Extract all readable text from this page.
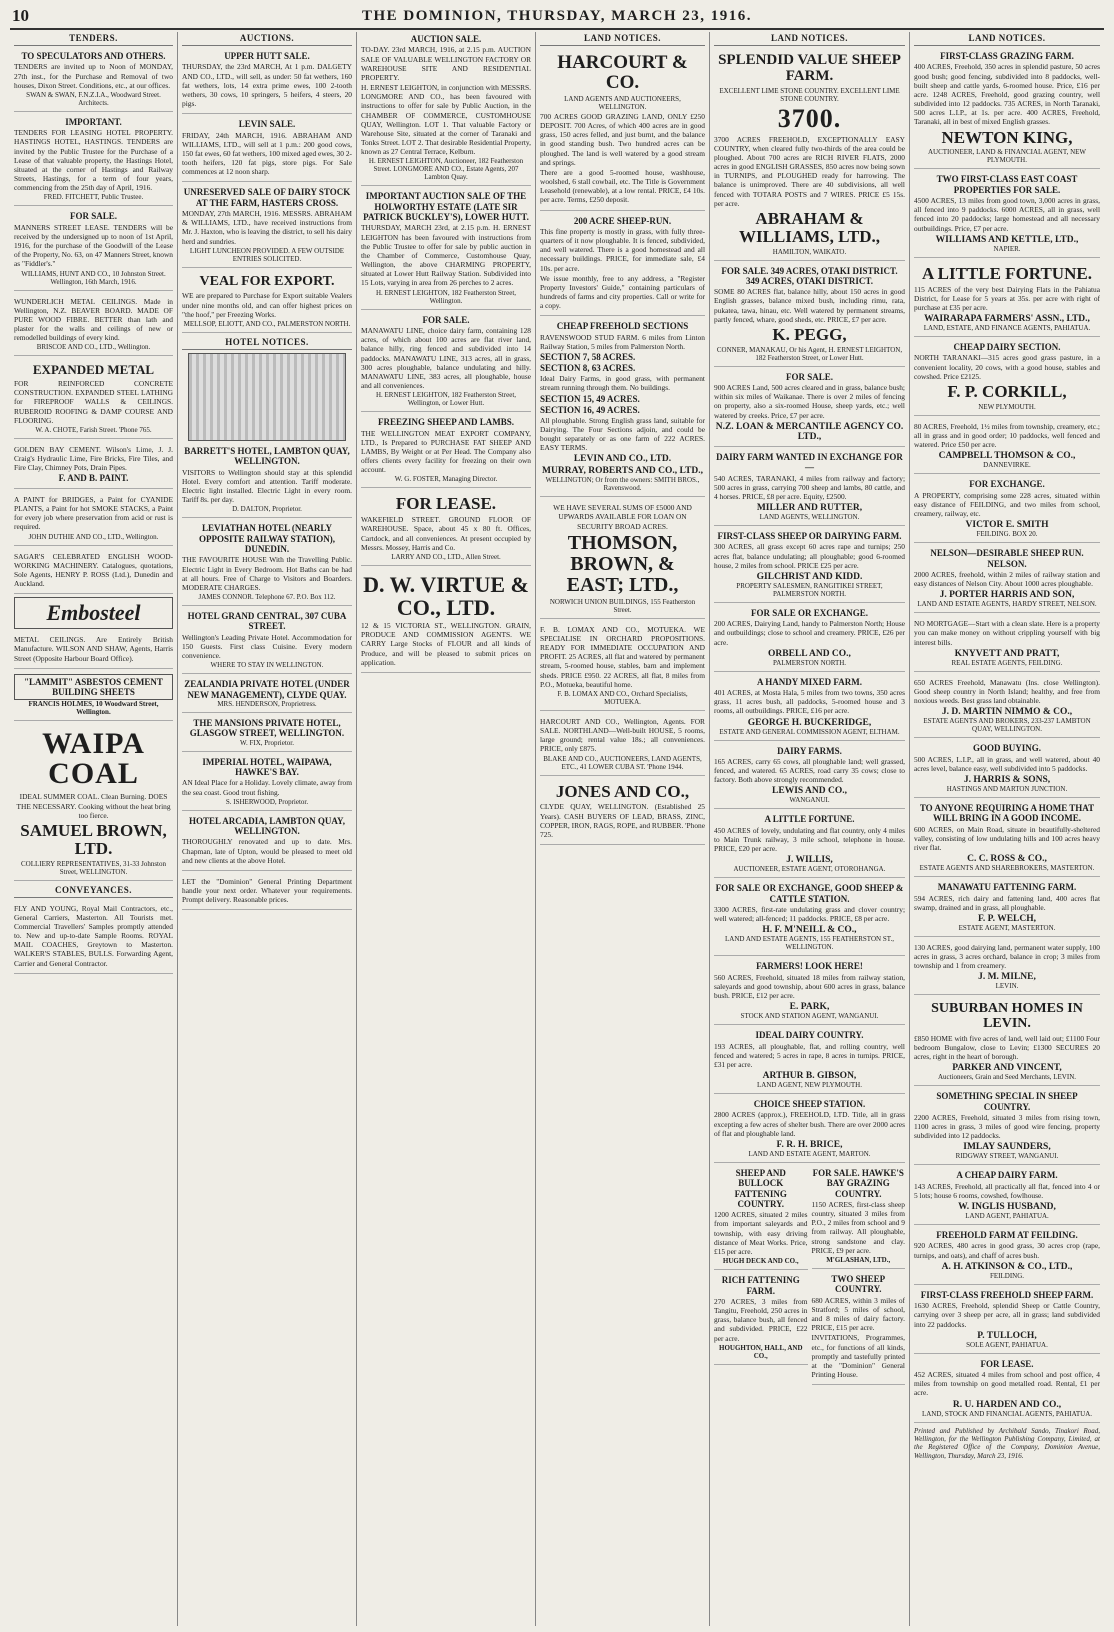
10	THE DOMINION, THURSDAY, MARCH 23, 1916.
TENDERS.
TO SPECULATORS AND OTHERS.

TENDERS are invited up to Noon of MONDAY, 27th inst., for the Purchase and Removal of two houses, Dixon Street. Conditions, etc., at our offices.

SWAN & SWAN, F.N.Z.I.A., Woodward Street. Architects.
IMPORTANT.

TENDERS FOR LEASING HOTEL PROPERTY. HASTINGS HOTEL, HASTINGS. TENDERS are invited by the Public Trustee for the Purchase of a Lease of that valuable property, the Hastings Hotel, situated at the corner of Hastings and Railway Streets, Hastings, for a term of four years, commencing from the 25th day of April, 1916.

FRED. FITCHETT, Public Trustee.
FOR SALE.

MANNERS STREET LEASE. TENDERS will be received by the undersigned up to noon of 1st April, 1916, for the purchase of the Goodwill of the Lease of the Property, No. 63, on 47 Manners Street, known as "Fiddler's."

WILLIAMS, HUNT AND CO., 10 Johnston Street. Wellington, 16th March, 1916.

WUNDERLICH METAL CEILINGS. Made in Wellington, N.Z. BEAVER BOARD. MADE OF PURE WOOD FIBRE. BETTER than lath and plaster for the walls and ceilings of new or remodelled buildings of every kind.

BRISCOE AND CO., LTD., Wellington.
EXPANDED METAL

FOR REINFORCED CONCRETE CONSTRUCTION. EXPANDED STEEL LATHING for FIREPROOF WALLS & CEILINGS. RUBEROID ROOFING & DAMP COURSE AND FLOORING.

W. A. CHOTE, Farish Street. 'Phone 765.

GOLDEN BAY CEMENT. Wilson's Lime, J. J. Craig's Hydraulic Lime, Fire Bricks, Fire Tiles, and Fire Clay, Chimney Pots, Drain Pipes.

F. AND B. PAINT.

A PAINT for BRIDGES, a Paint for CYANIDE PLANTS, a Paint for hot SMOKE STACKS, a Paint for every job where preservation from acid or rust is required.

JOHN DUTHIE AND CO., LTD., Wellington.

SAGAR'S CELEBRATED ENGLISH WOOD-WORKING MACHINERY. Catalogues, quotations, Sole Agents, HENRY P. ROSS (Ltd.), Dunedin and Auckland.

Embosteel

METAL CEILINGS. Are Entirely British Manufacture. WILSON AND SHAW, Agents, Harris Street (Opposite Harbour Board Office).

"LAMMIT" ASBESTOS CEMENT BUILDING SHEETS
FRANCIS HOLMES, 10 Woodward Street, Wellington.
WAIPA COAL

IDEAL SUMMER COAL. Clean Burning. DOES THE NECESSARY. Cooking without the heat bring too fierce.

SAMUEL BROWN, LTD.
COLLIERY REPRESENTATIVES, 31-33 Johnston Street, WELLINGTON.
CONVEYANCES.

FLY AND YOUNG, Royal Mail Contractors, etc., General Carriers, Masterton. All Tourists met. Commercial Travellers' Samples promptly attended to. New and up-to-date Sample Rooms. ROYAL MAIL COACHES, Greytown to Masterton. WALKER'S STABLES, BULLS. Forwarding Agent, Carrier and General Contractor.

AUCTIONS.
UPPER HUTT SALE.

THURSDAY, the 23rd MARCH, At 1 p.m. DALGETY AND CO., LTD., will sell, as under: 50 fat wethers, 160 fat wethers, lots, 14 extra prime ewes, 100 2-tooth wethers, 30 cows, 10 springers, 5 heifers, 4 steers, 20 pigs.

LEVIN SALE.

FRIDAY, 24th MARCH, 1916. ABRAHAM AND WILLIAMS, LTD., will sell at 1 p.m.: 200 good cows, 150 fat ewes, 60 fat wethers, 100 mixed aged ewes, 30 2-tooth heifers, 120 fat pigs, store pigs. For Sale commences at 12 noon sharp.

UNRESERVED SALE OF DAIRY STOCK AT THE FARM, HASTERS CROSS.

MONDAY, 27th MARCH, 1916. MESSRS. ABRAHAM & WILLIAMS, LTD., have received instructions from Mr. J. Haxton, who is leaving the district, to sell his dairy herd and sundries.

LIGHT LUNCHEON PROVIDED. A FEW OUTSIDE ENTRIES SOLICITED.
VEAL FOR EXPORT.

WE are prepared to Purchase for Export suitable Vealers under nine months old, and can offer highest prices on "the hoof," per Freezing Works.

MELLSOP, ELIOTT, AND CO., PALMERSTON NORTH.
HOTEL NOTICES.
BARRETT'S HOTEL, LAMBTON QUAY, WELLINGTON.

VISITORS to Wellington should stay at this splendid Hotel. Every comfort and attention. Tariff moderate. Electric light installed. Electric Light in every room. Tariff 8s. per day.

D. DALTON, Proprietor.
LEVIATHAN HOTEL (NEARLY OPPOSITE RAILWAY STATION), DUNEDIN.

THE FAVOURITE HOUSE With the Travelling Public. Electric Light in Every Bedroom. Hot Baths can be had at all hours. Free of Charge to Visitors and Boarders. MODERATE CHARGES.

JAMES CONNOR. Telephone 67. P.O. Box 112.
HOTEL GRAND CENTRAL, 307 CUBA STREET.

Wellington's Leading Private Hotel. Accommodation for 150 Guests. First class Cuisine. Every modern convenience.

WHERE TO STAY IN WELLINGTON.
ZEALANDIA PRIVATE HOTEL (UNDER NEW MANAGEMENT), CLYDE QUAY.
MRS. HENDERSON, Proprietress.
THE MANSIONS PRIVATE HOTEL, GLASGOW STREET, WELLINGTON.
W. FIX, Proprietor.
IMPERIAL HOTEL, WAIPAWA, HAWKE'S BAY.

AN Ideal Place for a Holiday. Lovely climate, away from the sea coast. Good trout fishing.

S. ISHERWOOD, Proprietor.
HOTEL ARCADIA, LAMBTON QUAY, WELLINGTON.

THOROUGHLY renovated and up to date. Mrs. Chapman, late of Upton, would be pleased to meet old and new clients at the above Hotel.

LET the "Dominion" General Printing Department handle your next order. Whatever your requirements. Prompt delivery. Reasonable prices.

AUCTION SALE.

TO-DAY. 23rd MARCH, 1916, at 2.15 p.m. AUCTION SALE OF VALUABLE WELLINGTON FACTORY OR WAREHOUSE SITE AND RESIDENTIAL PROPERTY.

H. ERNEST LEIGHTON, in conjunction with MESSRS. LONGMORE AND CO., has been favoured with instructions to offer for sale by Public Auction, in the CHAMBER OF COMMERCE, CUSTOMHOUSE QUAY, Wellington. LOT 1. That valuable Factory or Warehouse Site, situated at the corner of Taranaki and Tonks Street. LOT 2. That desirable Residential Property, known as 27 Central Terrace, Kelburn.

H. ERNEST LEIGHTON, Auctioneer, 182 Featherston Street. LONGMORE AND CO., Estate Agents, 207 Lambton Quay.
IMPORTANT AUCTION SALE OF THE HOLWORTHY ESTATE (LATE SIR PATRICK BUCKLEY'S), LOWER HUTT.

THURSDAY, MARCH 23rd, at 2.15 p.m. H. ERNEST LEIGHTON has been favoured with instructions from the Public Trustee to offer for sale by public auction in the Chamber of Commerce, Customhouse Quay, Wellington, the above CHARMING PROPERTY, situated at Lower Hutt Railway Station. Subdivided into 15 Lots, varying in area from 26 perches to 2 acres.

H. ERNEST LEIGHTON, 182 Featherston Street, Wellington.
FOR SALE.

MANAWATU LINE, choice dairy farm, containing 128 acres, of which about 100 acres are flat river land, balance hilly, ring fenced and subdivided into 14 paddocks. MANAWATU LINE, 313 acres, all in grass, 300 acres ploughable, balance undulating and hilly. MANAWATU LINE, 383 acres, all ploughable, house and all conveniences.

H. ERNEST LEIGHTON, 182 Featherston Street, Wellington, or Lower Hutt.
FREEZING SHEEP AND LAMBS.

THE WELLINGTON MEAT EXPORT COMPANY, LTD., Is Prepared to PURCHASE FAT SHEEP AND LAMBS, By Weight or at Per Head. The Company also offers clients every facility for freezing on their own account.

W. G. FOSTER, Managing Director.
FOR LEASE.

WAKEFIELD STREET. GROUND FLOOR OF WAREHOUSE. Space, about 45 x 80 ft. Offices, Cartdock, and all conveniences. At present occupied by Messrs. Mossey, Harris and Co.

LARRY AND CO., LTD., Allen Street.
D. W. VIRTUE & CO., LTD.

12 & 15 VICTORIA ST., WELLINGTON. GRAIN, PRODUCE AND COMMISSION AGENTS. WE CARRY Large Stocks of FLOUR and all kinds of Produce, and will be pleased to submit prices on application.

LAND NOTICES.
HARCOURT & CO.
LAND AGENTS AND AUCTIONEERS, WELLINGTON.

700 ACRES GOOD GRAZING LAND, ONLY £250 DEPOSIT. 700 Acres, of which 400 acres are in good grass, 150 acres felled, and just burnt, and the balance in good standing bush. Two hundred acres can be ploughed. The land is well watered by a good stream and springs.

There are a good 5-roomed house, washhouse, woolshed, 6 stall cowbail, etc. The Title is Government Leasehold (renewable), at a low rental. PRICE, £4 10s. per acre. Terms, £250 deposit.

200 ACRE SHEEP-RUN.

This fine property is mostly in grass, with fully three-quarters of it now ploughable. It is fenced, subdivided, and well watered. There is a good homestead and all necessary buildings. PRICE, for immediate sale, £4 10s. per acre.

We issue monthly, free to any address, a "Register Property Investors' Guide," containing particulars of hundreds of farms and city properties. Call or write for a copy.

CHEAP FREEHOLD SECTIONS

RAVENSWOOD STUD FARM. 6 miles from Linton Railway Station, 5 miles from Palmerston North.

SECTION 7, 58 ACRES.
SECTION 8, 63 ACRES.

Ideal Dairy Farms, in good grass, with permanent stream running through them. No buildings.

SECTION 15, 49 ACRES.
SECTION 16, 49 ACRES.

All ploughable. Strong English grass land, suitable for Dairying. The Four Sections adjoin, and could be bought separately or as one farm of 222 ACRES. EASY TERMS.

LEVIN AND CO., LTD.
MURRAY, ROBERTS AND CO., LTD.,
WELLINGTON; Or from the owners: SMITH BROS., Ravenswood.

WE HAVE SEVERAL SUMS OF £5000 AND UPWARDS AVAILABLE FOR LOAN ON SECURITY BROAD ACRES.

THOMSON, BROWN, & EAST; LTD.,
NORWICH UNION BUILDINGS, 155 Featherston Street.

F. B. LOMAX AND CO., MOTUEKA. WE SPECIALISE IN ORCHARD PROPOSITIONS. READY FOR IMMEDIATE OCCUPATION AND PROFIT. 25 ACRES, all flat and watered by permanent stream, 5-roomed house, stables, barn and implement sheds. PRICE £950. 22 ACRES, all flat, 8 miles from P.O., Motueka, beautiful home.

F. B. LOMAX AND CO., Orchard Specialists, MOTUEKA.

HARCOURT AND CO., Wellington, Agents. FOR SALE. NORTHLAND—Well-built HOUSE, 5 rooms, large ground; rental value 18s.; all conveniences. PRICE, only £875.

BLAKE AND CO., AUCTIONEERS, LAND AGENTS, ETC., 41 LOWER CUBA ST. 'Phone 1944.
JONES AND CO.,

CLYDE QUAY, WELLINGTON. (Established 25 Years). CASH BUYERS OF LEAD, BRASS, ZINC, COPPER, IRON, RAGS, ROPE, and RUBBER. 'Phone 725.

LAND NOTICES.
SPLENDID VALUE SHEEP FARM.
EXCELLENT LIME STONE COUNTRY. EXCELLENT LIME STONE COUNTRY.
3700.

3700 ACRES FREEHOLD, EXCEPTIONALLY EASY COUNTRY, when cleared fully two-thirds of the area could be ploughed. About 700 acres are RICH RIVER FLATS, 2000 acres in good ENGLISH GRASSES, 850 acres now being sown in TURNIPS, and PLOUGHED ready for harrowing. The balance is unimproved. There are 40 subdivisions, all well fenced with TOTARA POSTS and 7 WIRES. PRICE £5 15s. per acre.

ABRAHAM & WILLIAMS, LTD.,
HAMILTON, WAIKATO.
FOR SALE. 349 ACRES, OTAKI DISTRICT. 349 ACRES, OTAKI DISTRICT.

SOME 80 ACRES flat, balance hilly, about 150 acres in good English grasses, balance mixed bush, including rimu, rata, pukatea, tawa, hinau, etc. Well watered by permanent streams, partly fenced, whare, good sheds, etc. PRICE, £7 per acre.

K. PEGG,
CONNER, MANAKAU, Or his Agent, H. ERNEST LEIGHTON, 182 Featherston Street, or Lower Hutt.
FOR SALE.

900 ACRES Land, 500 acres cleared and in grass, balance bush; within six miles of Waikanae. There is over 2 miles of fencing on property, also a six-roomed House, sheep yards, etc.; well watered by creeks. Price, £7 per acre.

N.Z. LOAN & MERCANTILE AGENCY CO. LTD.,
DAIRY FARM WANTED IN EXCHANGE FOR—

540 ACRES, TARANAKI, 4 miles from railway and factory; 500 acres in grass, carrying 700 sheep and lambs, 80 cattle, and 4 horses. PRICE, £8 per acre. Equity, £2500.

MILLER AND RUTTER,
LAND AGENTS, WELLINGTON.
FIRST-CLASS SHEEP OR DAIRYING FARM.

300 ACRES, all grass except 60 acres rape and turnips; 250 acres flat, balance undulating; all ploughable; good 6-roomed house, 2 miles from school. PRICE £25 per acre.

GILCHRIST AND KIDD.
PROPERTY SALESMEN, RANGITIKEI STREET, PALMERSTON NORTH.
FOR SALE OR EXCHANGE.

200 ACRES, Dairying Land, handy to Palmerston North; House and outbuildings; close to school and creamery. PRICE, £26 per acre.

ORBELL AND CO.,
PALMERSTON NORTH.
A HANDY MIXED FARM.

401 ACRES, at Mosta Hala, 5 miles from two towns, 350 acres grass, 11 acres bush, all paddocks, 5-roomed house and 3 rooms, all outbuildings. PRICE, £16 per acre.

GEORGE H. BUCKERIDGE,
ESTATE AND GENERAL COMMISSION AGENT, ELTHAM.
DAIRY FARMS.

165 ACRES, carry 65 cows, all ploughable land; well grassed, fenced, and watered. 65 ACRES, road carry 35 cows; close to factory. Both above strongly recommended.

LEWIS AND CO.,
WANGANUI.
A LITTLE FORTUNE.

450 ACRES of lovely, undulating and flat country, only 4 miles to Main Trunk railway, 3 mile school, telephone in house. PRICE, £20 per acre.

J. WILLIS,
AUCTIONEER, ESTATE AGENT, OTOROHANGA.
FOR SALE OR EXCHANGE, GOOD SHEEP & CATTLE STATION.

3300 ACRES, first-rate undulating grass and clover country; well watered; all-fenced; 11 paddocks. PRICE, £8 per acre.

H. F. M'NEILL & CO.,
LAND AND ESTATE AGENTS, 155 FEATHERSTON ST., WELLINGTON.
FARMERS! LOOK HERE!

560 ACRES, Freehold, situated 18 miles from railway station, saleyards and good township, about 600 acres in grass, balance bush. PRICE, £12 per acre.

E. PARK,
STOCK AND STATION AGENT, WANGANUI.
IDEAL DAIRY COUNTRY.

193 ACRES, all ploughable, flat, and rolling country, well fenced and watered; 5 acres in rape, 8 acres in turnips. PRICE, £31 per acre.

ARTHUR B. GIBSON,
LAND AGENT, NEW PLYMOUTH.
CHOICE SHEEP STATION.

2800 ACRES (approx.), FREEHOLD, LTD. Title, all in grass excepting a few acres of shelter bush. There are over 2000 acres of flat and ploughable land.

F. R. H. BRICE,
LAND AND ESTATE AGENT, MARTON.
SHEEP AND BULLOCK FATTENING COUNTRY.

1200 ACRES, situated 2 miles from important saleyards and township, with easy driving distance of Meat Works. Price, £15 per acre.

HUGH DECK AND CO.,
RICH FATTENING FARM.

270 ACRES, 3 miles from Tangitu, Freehold, 250 acres in grass, balance bush, all fenced and subdivided. PRICE, £22 per acre.

HOUGHTON, HALL, AND CO.,
FOR SALE. HAWKE'S BAY GRAZING COUNTRY.

1150 ACRES, first-class sheep country, situated 3 miles from P.O., 2 miles from school and 9 from railway. All ploughable, strong sandstone and clay. PRICE, £9 per acre.

M'GLASHAN, LTD.,
TWO SHEEP COUNTRY.

680 ACRES, within 3 miles of Stratford; 5 miles of school, and 8 miles of dairy factory. PRICE, £15 per acre.

INVITATIONS, Programmes, etc., for functions of all kinds, promptly and tastefully printed at the "Dominion" General Printing House.

LAND NOTICES.
FIRST-CLASS GRAZING FARM.

400 ACRES, Freehold, 350 acres in splendid pasture, 50 acres good bush; good fencing, subdivided into 8 paddocks, well-built sheep and cattle yards, 6-roomed house. Price, £16 per acre. 1248 ACRES, Freehold, good grazing country, well subdivided into 12 paddocks. 735 ACRES, in North Taranaki, 500 acres L.I.P., at 1s. per acre. 400 ACRES, Freehold, Taranaki, all in best of mixed English grasses.

NEWTON KING,
AUCTIONEER, LAND & FINANCIAL AGENT, NEW PLYMOUTH.
TWO FIRST-CLASS EAST COAST PROPERTIES FOR SALE.

4500 ACRES, 13 miles from good town, 3,000 acres in grass, all fenced into 9 paddocks. 6000 ACRES, all in grass, well fenced into 20 paddocks; large homestead and all necessary outbuildings. Price, £7 per acre.

WILLIAMS AND KETTLE, LTD.,
NAPIER.
A LITTLE FORTUNE.

115 ACRES of the very best Dairying Flats in the Pahiatua District, for Lease for 5 years at 35s. per acre with right of purchase at £35 per acre.

WAIRARAPA FARMERS' ASSN., LTD.,
LAND, ESTATE, AND FINANCE AGENTS, PAHIATUA.
CHEAP DAIRY SECTION.

NORTH TARANAKI—315 acres good grass pasture, in a convenient locality, 20 cows, with a good house, stables and cowshed. Price £2125.

F. P. CORKILL,
NEW PLYMOUTH.

80 ACRES, Freehold, 1½ miles from township, creamery, etc.; all in grass and in good order; 10 paddocks, well fenced and watered. Price £50 per acre.

CAMPBELL THOMSON & CO.,
DANNEVIRKE.
FOR EXCHANGE.

A PROPERTY, comprising some 228 acres, situated within easy distance of FEILDING, and two miles from school, creamery, railway, etc.

VICTOR E. SMITH
FEILDING. BOX 20.
NELSON—DESIRABLE SHEEP RUN. NELSON.

2000 ACRES, freehold, within 2 miles of railway station and easy distances of Nelson City. About 1000 acres ploughable.

J. PORTER HARRIS AND SON,
LAND AND ESTATE AGENTS, HARDY STREET, NELSON.

NO MORTGAGE—Start with a clean slate. Here is a property you can make money on without crippling yourself with big interest bills.

KNYVETT AND PRATT,
REAL ESTATE AGENTS, FEILDING.

650 ACRES Freehold, Manawatu (Ins. close Wellington). Good sheep country in North Island; healthy, and free from noxious weeds. Best grass land obtainable.

J. D. MARTIN NIMMO & CO.,
ESTATE AGENTS AND BROKERS, 233-237 LAMBTON QUAY, WELLINGTON.
GOOD BUYING.

500 ACRES, L.I.P., all in grass, and well watered, about 40 acres level, balance easy, well subdivided into 5 paddocks.

J. HARRIS & SONS,
HASTINGS AND MARTON JUNCTION.
TO ANYONE REQUIRING A HOME THAT WILL BRING IN A GOOD INCOME.

600 ACRES, on Main Road, situate in beautifully-sheltered valley, consisting of low undulating hills and 100 acres heavy river flat.

C. C. ROSS & CO.,
ESTATE AGENTS AND SHAREBROKERS, MASTERTON.
MANAWATU FATTENING FARM.

594 ACRES, rich dairy and fattening land, 400 acres flat swamp, drained and in grass, all ploughable.

F. P. WELCH,
ESTATE AGENT, MASTERTON.

130 ACRES, good dairying land, permanent water supply, 100 acres in grass, 3 acres orchard, balance in crop; 3 miles from township and 1 from creamery.

J. M. MILNE,
LEVIN.
SUBURBAN HOMES IN LEVIN.

£850 HOME with five acres of land, well laid out; £1100 Four bedroom Bungalow, close to Levin; £1300 SECURES 20 acres, right in the heart of borough.

PARKER AND VINCENT,
Auctioneers, Grain and Seed Merchants, LEVIN.
SOMETHING SPECIAL IN SHEEP COUNTRY.

2200 ACRES, Freehold, situated 3 miles from rising town, 1100 acres in grass, 3 miles of good wire fencing, property subdivided into 12 paddocks.

IMLAY SAUNDERS,
RIDGWAY STREET, WANGANUI.
A CHEAP DAIRY FARM.

143 ACRES, Freehold, all practically all flat, fenced into 4 or 5 lots; house 6 rooms, cowshed, fowlhouse.

W. INGLIS HUSBAND,
LAND AGENT, PAHIATUA.
FREEHOLD FARM AT FEILDING.

920 ACRES, 480 acres in good grass, 30 acres crop (rape, turnips, and oats), and chaff of acres bush.

A. H. ATKINSON & CO., LTD.,
FEILDING.
FIRST-CLASS FREEHOLD SHEEP FARM.

1630 ACRES, Freehold, splendid Sheep or Cattle Country, carrying over 3 sheep per acre, all in grass; land subdivided into 22 paddocks.

P. TULLOCH,
SOLE AGENT, PAHIATUA.
FOR LEASE.

452 ACRES, situated 4 miles from school and post office, 4 miles from township on good metalled road. Rental, £1 per acre.

R. U. HARDEN AND CO.,
LAND, STOCK AND FINANCIAL AGENTS, PAHIATUA.
Printed and Published by Archibald Sando, Tinakori Road, Wellington, for the Wellington Publishing Company, Limited, at the Registered Office of the Company, Dominion Avenue, Wellington, Thursday, March 23, 1916.
